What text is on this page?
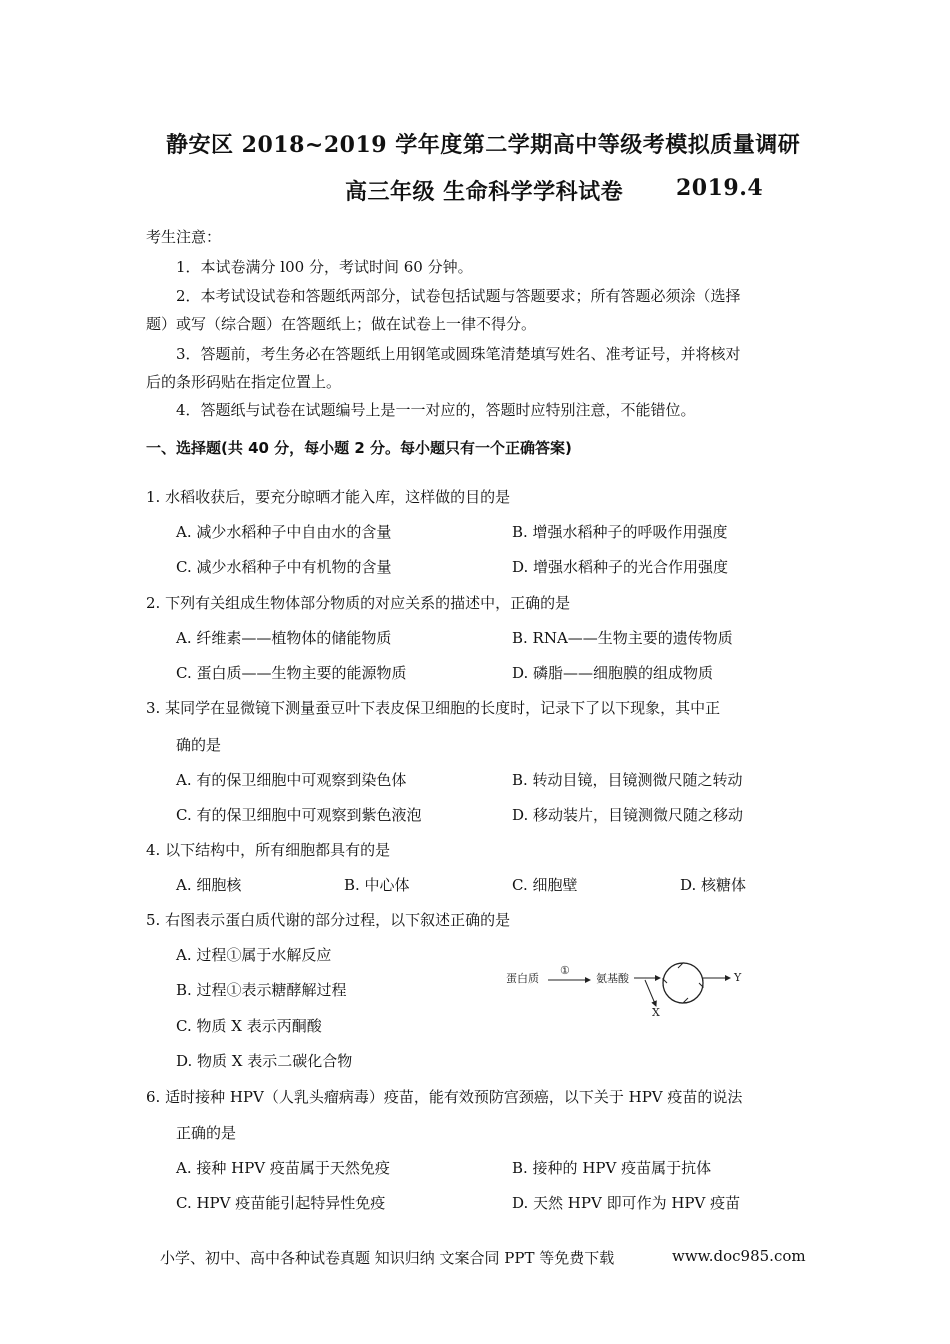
静安区 2018~2019 学年度第二学期高中等级考模拟质量调研
高三年级 生命科学学科试卷 2019.4
考生注意：
1．本试卷满分 l00 分，考试时间 60 分钟。
2．本考试设试卷和答题纸两部分，试卷包括试题与答题要求；所有答题必须涂（选择
题）或写（综合题）在答题纸上；做在试卷上一律不得分。
3．答题前，考生务必在答题纸上用钢笔或圆珠笔清楚填写姓名、准考证号，并将核对
后的条形码贴在指定位置上。
4．答题纸与试卷在试题编号上是一一对应的，答题时应特别注意，不能错位。
一、选择题(共 40 分，每小题 2 分。每小题只有一个正确答案)
1. 水稻收获后，要充分晾晒才能入库，这样做的目的是
A. 减少水稻种子中自由水的含量	B. 增强水稻种子的呼吸作用强度
C. 减少水稻种子中有机物的含量	D. 增强水稻种子的光合作用强度
2. 下列有关组成生物体部分物质的对应关系的描述中，正确的是
A. 纤维素——植物体的储能物质	B. RNA——生物主要的遗传物质
C. 蛋白质——生物主要的能源物质	D. 磷脂——细胞膜的组成物质
3. 某同学在显微镜下测量蚕豆叶下表皮保卫细胞的长度时，记录下了以下现象，其中正
确的是
A. 有的保卫细胞中可观察到染色体	B. 转动目镜，目镜测微尺随之转动
C. 有的保卫细胞中可观察到紫色液泡	D. 移动装片，目镜测微尺随之移动
4. 以下结构中，所有细胞都具有的是
A. 细胞核	B. 中心体	C. 细胞壁	D. 核糖体
5. 右图表示蛋白质代谢的部分过程，以下叙述正确的是
A. 过程①属于水解反应
B. 过程①表示糖酵解过程
C. 物质 X 表示丙酮酸
D. 物质 X 表示二碳化合物
蛋白质
①
氨基酸	Y
X
6. 适时接种 HPV（人乳头瘤病毒）疫苗，能有效预防宫颈癌，以下关于 HPV 疫苗的说法
正确的是
A. 接种 HPV 疫苗属于天然免疫	B. 接种的 HPV 疫苗属于抗体
C. HPV 疫苗能引起特异性免疫	D. 天然 HPV 即可作为 HPV 疫苗
小学、初中、高中各种试卷真题 知识归纳 文案合同 PPT 等免费下载	www.doc985.com
